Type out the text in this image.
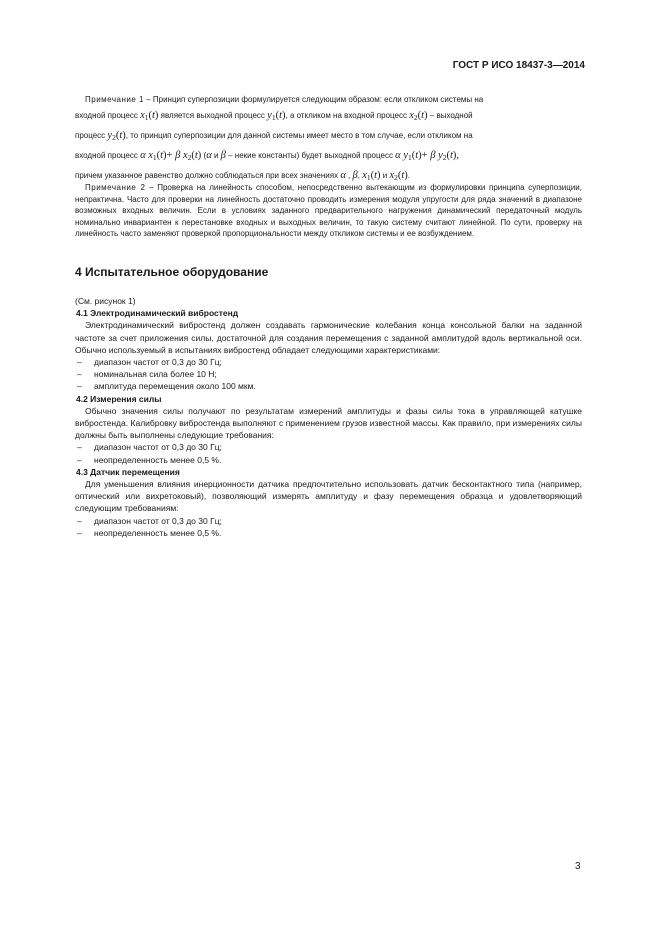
ГОСТ Р ИСО 18437-3—2014

Примечание 1 – Принцип суперпозиции формулируется следующим образом: если откликом системы на

входной процесс $x_1(t)$ является выходной процесс $y_1(t)$, а откликом на входной процесс $x_2(t)$ – выходной

процесс $y_2(t)$, то принцип суперпозиции для данной системы имеет место в том случае, если откликом на

входной процесс α $x_1(t)+ \beta$ $x_2(t)$ (α и β – некие константы) будет выходной процесс α $y_1(t)+ \beta$ $y_2(t)$,

причем указанное равенство должно соблюдаться при всех значениях α , β, $x_1(t)$ и $x_2(t)$.

Примечание 2 – Проверка на линейность способом, непосредственно вытекающим из формулировки принципа суперпозиции, непрактична. Часто для проверки на линейность достаточно проводить измерения модуля упругости для ряда значений в диапазоне возможных входных величин. Если в условиях заданного предварительного нагружения динамический передаточный модуль номинально инвариантен к перестановке входных и выходных величин, то такую систему считают линейной. По сути, проверку на линейность часто заменяют проверкой пропорциональности между откликом системы и ее возбуждением.

4 Испытательное оборудование

(См. рисунок 1)

4.1 Электродинамический вибростенд

Электродинамический вибростенд должен создавать гармонические колебания конца консольной балки на заданной частоте за счет приложения силы, достаточной для создания перемещения с заданной амплитудой вдоль вертикальной оси. Обычно используемый в испытаниях вибростенд обладает следующими характеристиками:

– диапазон частот от 0,3 до 30 Гц;

– номинальная сила более 10 Н;

– амплитуда перемещения около 100 мкм.

4.2 Измерения силы

Обычно значения силы получают по результатам измерений амплитуды и фазы силы тока в управляющей катушке вибростенда. Калибровку вибростенда выполняют с применением грузов известной массы. Как правило, при измерениях силы должны быть выполнены следующие требования:

– диапазон частот от 0,3 до 30 Гц;

– неопределенность менее 0,5 %.

4.3 Датчик перемещения

Для уменьшения влияния инерционности датчика предпочтительно использовать датчик бесконтактного типа (например, оптический или вихретоковый), позволяющий измерять амплитуду и фазу перемещения образца и удовлетворяющий следующим требованиям:

– диапазон частот от 0,3 до 30 Гц;

– неопределенность менее 0,5 %.

3
